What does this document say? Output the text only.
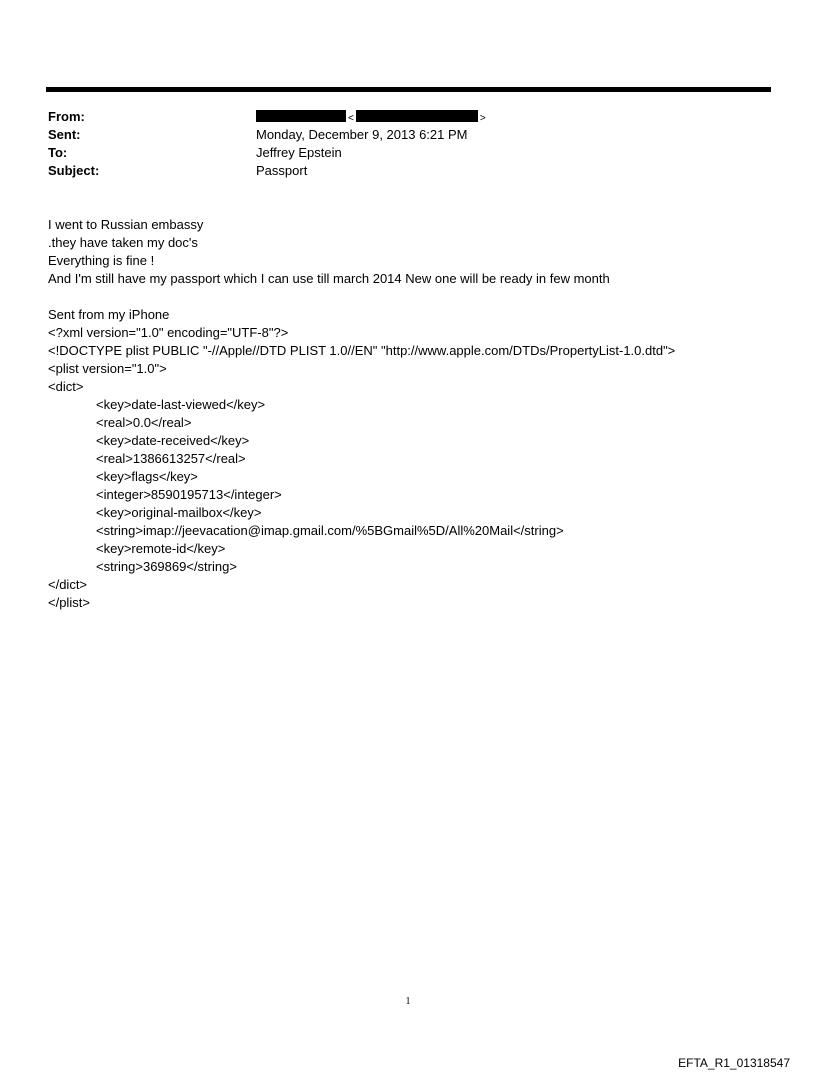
From:	<	>
Sent:	Monday, December 9, 2013 6:21 PM
To:	Jeffrey Epstein
Subject:	Passport
I went to Russian embassy
.they have taken my doc's
Everything is fine !
And I'm still have my passport which I can use till march 2014 New one will be ready in few month
Sent from my iPhone
<?xml version="1.0" encoding="UTF-8"?>
<!DOCTYPE plist PUBLIC "-//Apple//DTD PLIST 1.0//EN" "http://www.apple.com/DTDs/PropertyList-1.0.dtd">
<plist version="1.0">
<dict>
<key>date-last-viewed</key>
<real>0.0</real>
<key>date-received</key>
<real>1386613257</real>
<key>flags</key>
<integer>8590195713</integer>
<key>original-mailbox</key>
<string>imap://jeevacation@imap.gmail.com/%5BGmail%5D/All%20Mail</string>
<key>remote-id</key>
<string>369869</string>
</dict>
</plist>
1
EFTA_R1_01318547
